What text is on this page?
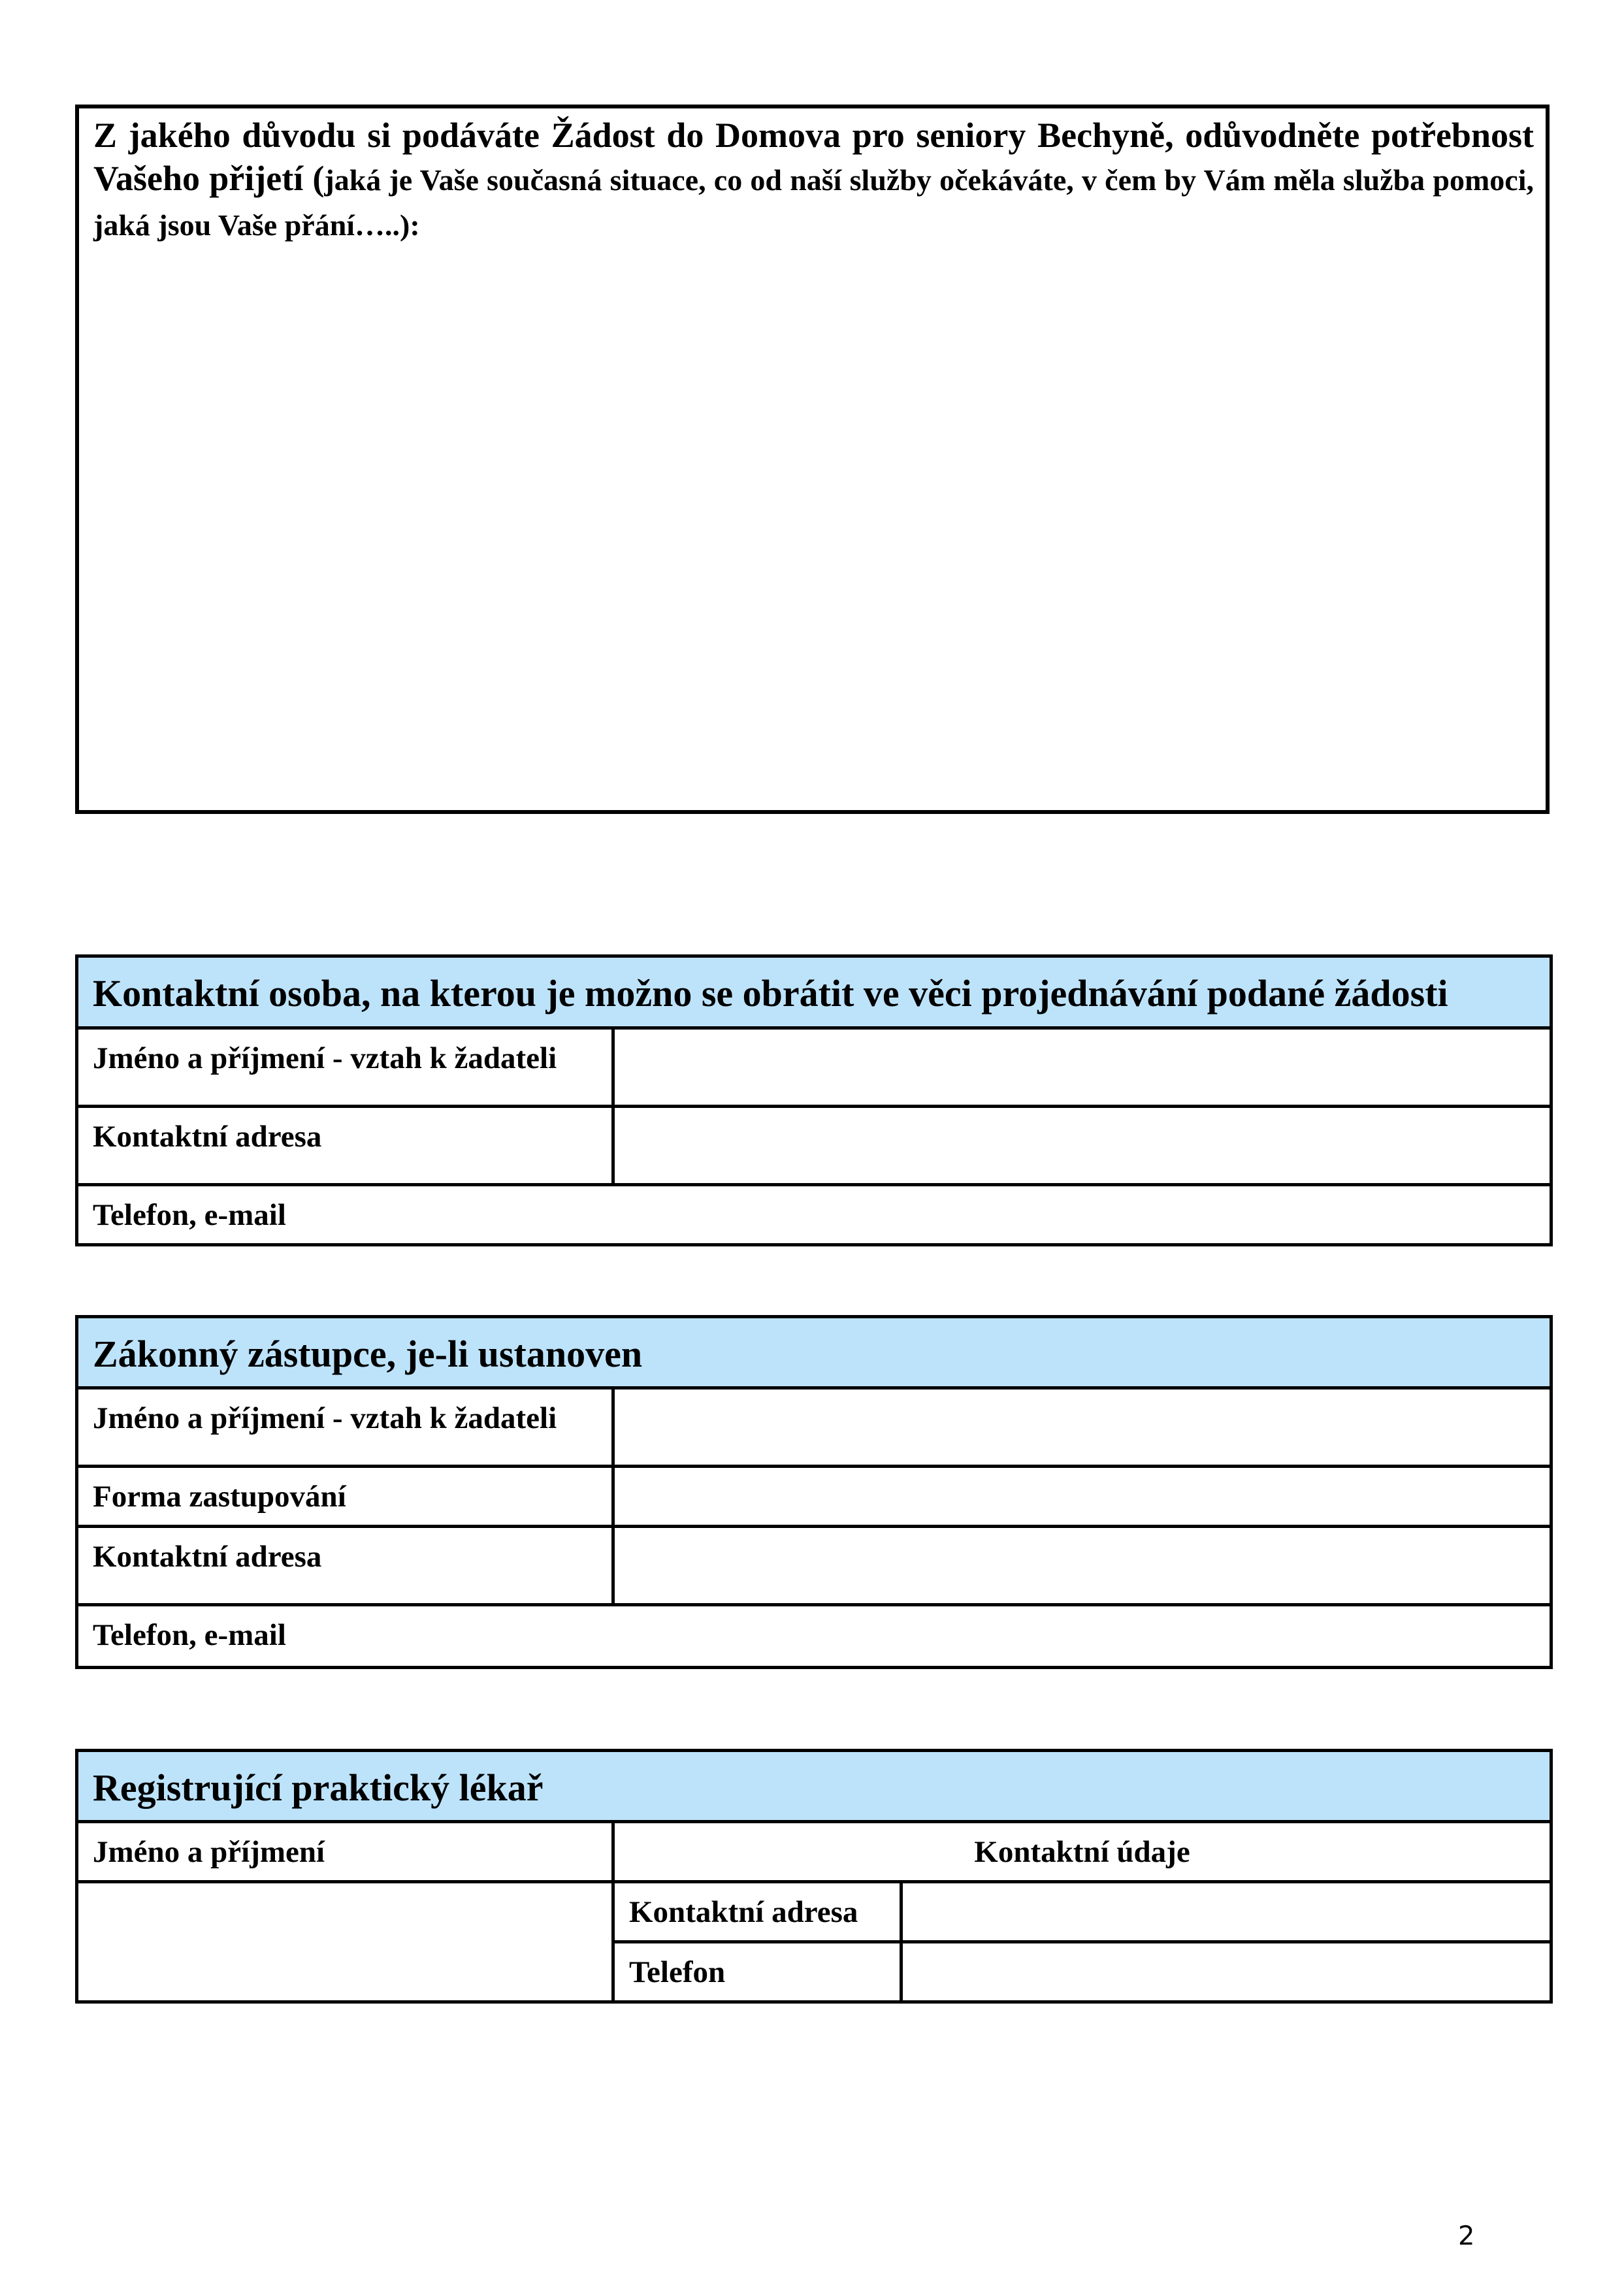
Z jakého důvodu si podáváte Žádost do Domova pro seniory Bechyně, odůvodněte potřebnost Vašeho přijetí (jaká je Vaše současná situace, co od naší služby očekáváte, v čem by Vám měla služba pomoci, jaká jsou Vaše přání…..):

Kontaktní osoba, na kterou je možno se obrátit ve věci projednávání podané žádosti	
Jméno a příjmení - vztah k žadateli	
Kontaktní adresa	
Telefon, e-mail	
Zákonný zástupce, je-li ustanoven	
Jméno a příjmení - vztah k žadateli	
Forma zastupování	
Kontaktní adresa	
Telefon, e-mail	
Registrující praktický lékař		
Jméno a příjmení	Kontaktní údaje	
	Kontaktní adresa	
	Telefon	
2
